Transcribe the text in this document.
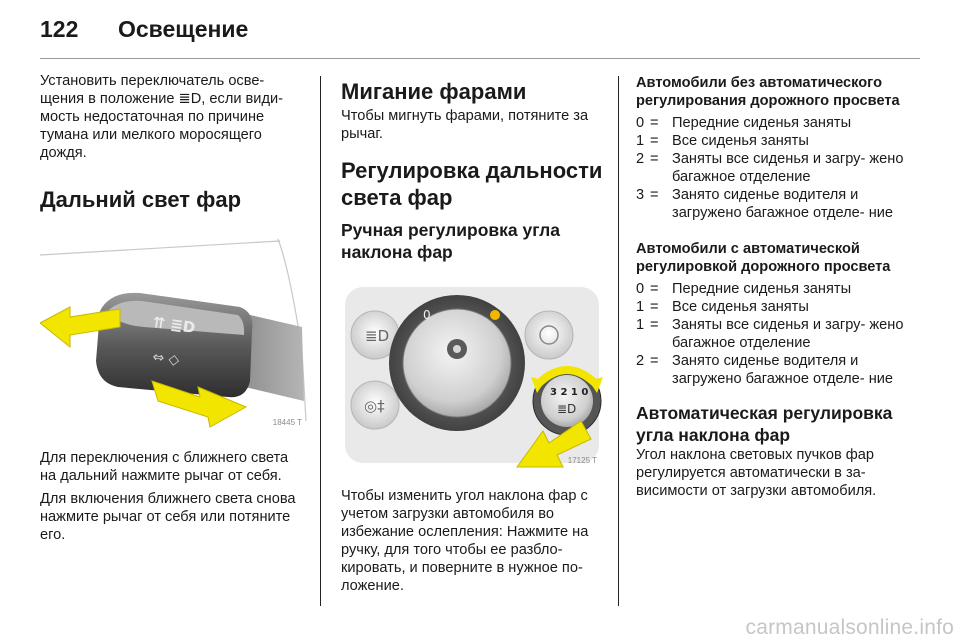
122 Освещение

Установить переключатель осве- щения в положение ≣D, если види- мость недостаточная по причине тумана или мелкого моросящего дождя.

Дальний свет фар
⇈ ≣D
⇔ ◇
18445 T

Для переключения с ближнего света на дальний нажмите рычаг от себя.

Для включения ближнего света снова нажмите рычаг от себя или потяните его.

Мигание фарами

Чтобы мигнуть фарами, потяните за рычаг.

Регулировка дальности света фар
Ручная регулировка угла наклона фар
≣D
◎‡
0
3 2 1 0
≣D
17125 T

Чтобы изменить угол наклона фар с учетом загрузки автомобиля во избежание ослепления: Нажмите на ручку, для того чтобы ее разбло- кировать, и поверните в нужное по- ложение.

Автомобили без автоматического регулирования дорожного просвета
0 = Передние сиденья заняты
1 = Все сиденья заняты
2 = Заняты все сиденья и загру- жено багажное отделение
3 = Занято сиденье водителя и загружено багажное отделе- ние
Автомобили с автоматической регулировкой дорожного просвета
0 = Передние сиденья заняты
1 = Все сиденья заняты
1 = Заняты все сиденья и загру- жено багажное отделение
2 = Занято сиденье водителя и загружено багажное отделе- ние
Автоматическая регулировка угла наклона фар

Угол наклона световых пучков фар регулируется автоматически в за- висимости от загрузки автомобиля.

carmanualsonline.info
